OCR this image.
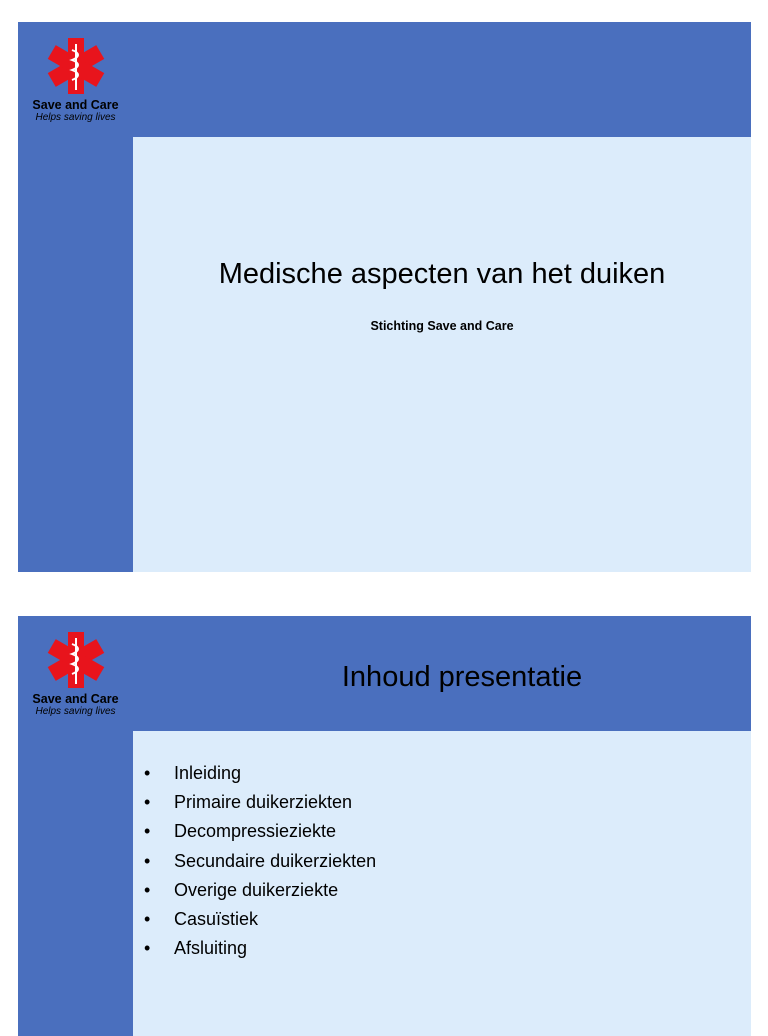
Save and Care
Helps saving lives
Medische aspecten van het duiken
Stichting Save and Care
Save and Care
Helps saving lives
Inhoud presentatie
•	Inleiding
•	Primaire duikerziekten
•	Decompressieziekte
•	Secundaire duikerziekten
•	Overige duikerziekte
•	Casuïstiek
•	Afsluiting
